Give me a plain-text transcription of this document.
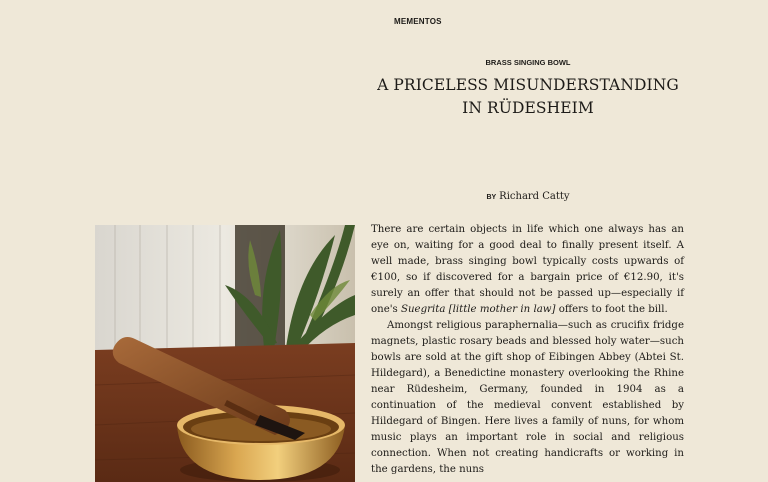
MEMENTOS
BRASS SINGING BOWL
A PRICELESS MISUNDERSTANDING
IN RÜDESHEIM
BY Richard Catty

There are certain objects in life which one always has an eye on, waiting for a good deal to finally present itself. A well made, brass singing bowl typically costs upwards of €100, so if discovered for a bargain price of €12.90, it's surely an offer that should not be passed up—especially if one's Suegrita [little mother in law] offers to foot the bill.

Amongst religious paraphernalia—such as crucifix fridge magnets, plastic rosary beads and blessed holy water—such bowls are sold at the gift shop of Eibingen Abbey (Abtei St. Hildegard), a Benedictine monastery overlooking the Rhine near Rüdesheim, Germany, founded in 1904 as a continuation of the medieval convent established by Hildegard of Bingen. Here lives a family of nuns, for whom music plays an important role in social and religious connection. When not creating handicrafts or working in the gardens, the nuns
